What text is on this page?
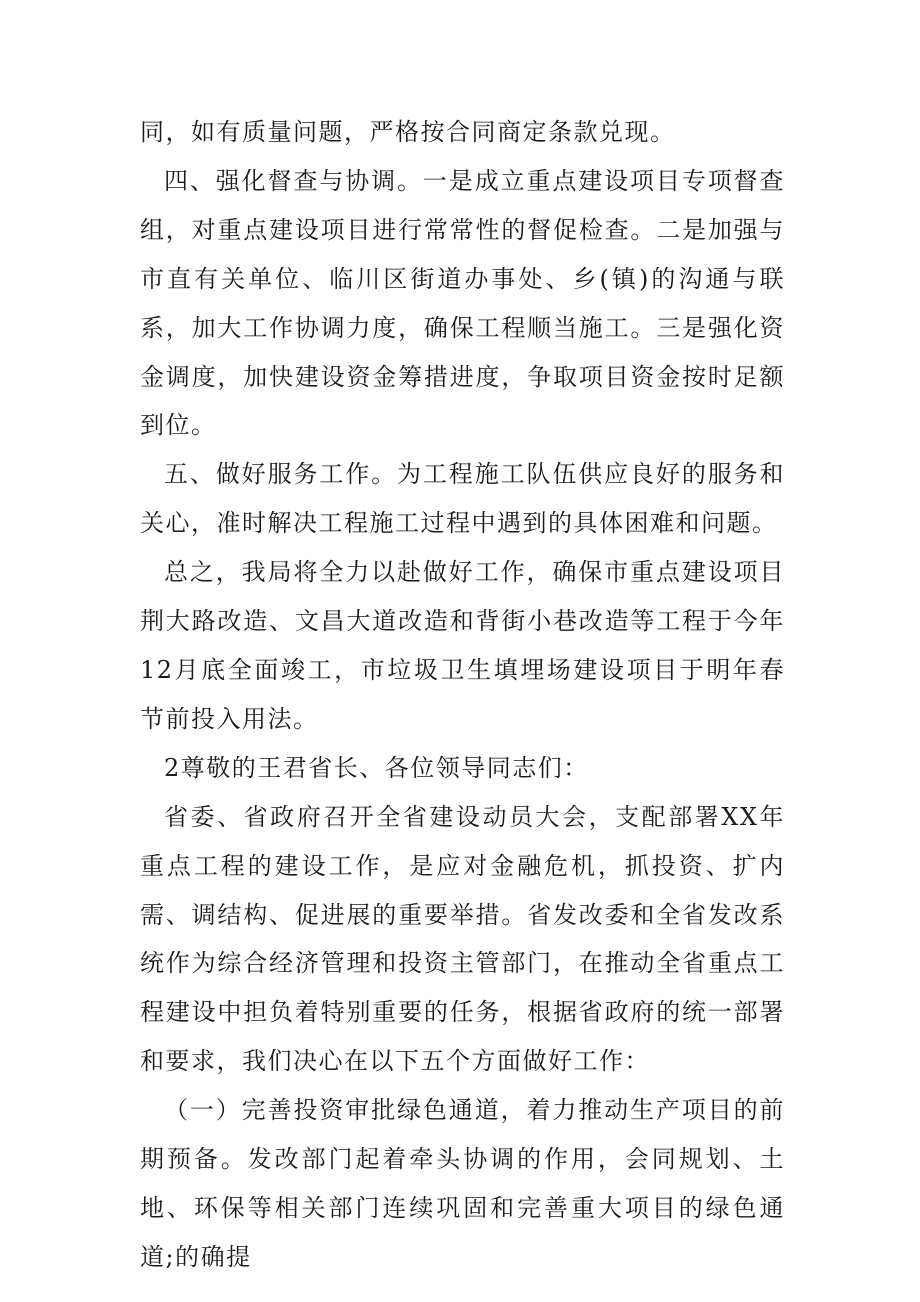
同，如有质量问题，严格按合同商定条款兑现。

四、强化督查与协调。一是成立重点建设项目专项督查组，对重点建设项目进行常常性的督促检查。二是加强与市直有关单位、临川区街道办事处、乡(镇)的沟通与联系，加大工作协调力度，确保工程顺当施工。三是强化资金调度，加快建设资金筹措进度，争取项目资金按时足额到位。

五、做好服务工作。为工程施工队伍供应良好的服务和关心，准时解决工程施工过程中遇到的具体困难和问题。

总之，我局将全力以赴做好工作，确保市重点建设项目荆大路改造、文昌大道改造和背街小巷改造等工程于今年12月底全面竣工，市垃圾卫生填埋场建设项目于明年春节前投入用法。

2尊敬的王君省长、各位领导同志们：

省委、省政府召开全省建设动员大会，支配部署XX年重点工程的建设工作，是应对金融危机，抓投资、扩内需、调结构、促进展的重要举措。省发改委和全省发改系统作为综合经济管理和投资主管部门，在推动全省重点工程建设中担负着特别重要的任务，根据省政府的统一部署和要求，我们决心在以下五个方面做好工作：

（一）完善投资审批绿色通道，着力推动生产项目的前期预备。发改部门起着牵头协调的作用，会同规划、土地、环保等相关部门连续巩固和完善重大项目的绿色通道;的确提
